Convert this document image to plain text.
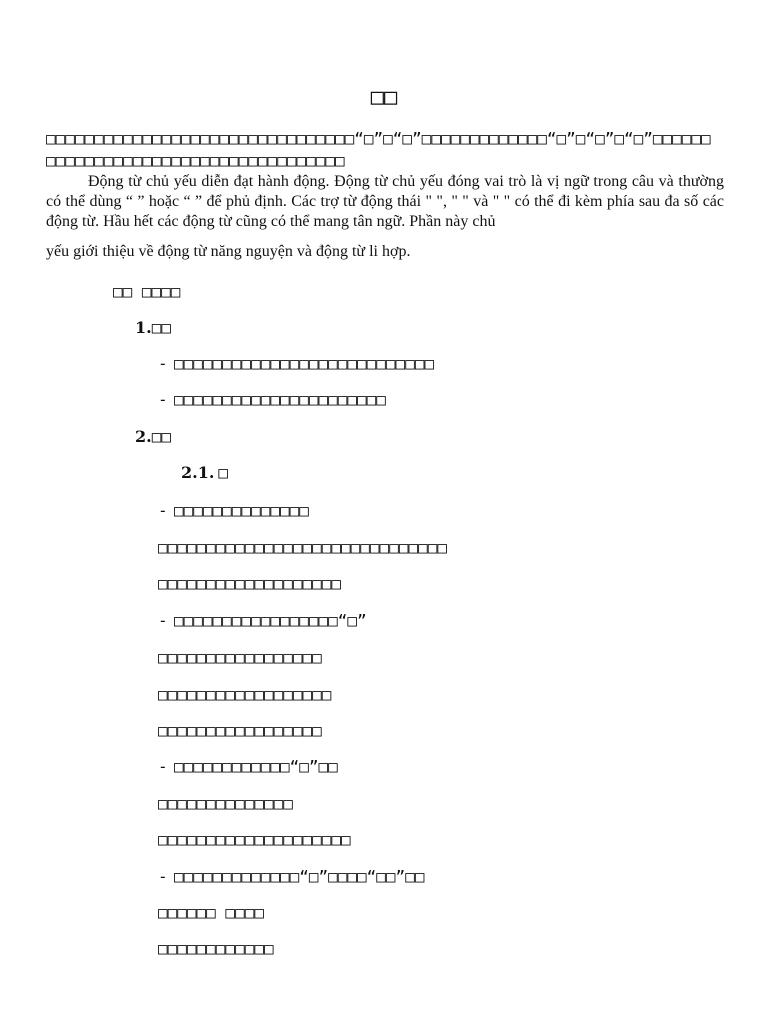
□□
□□□□□□□□□□□□□□□□□□□□□□□□□□□□□□□□“□”□“□”□□□□□□□□□□□□□“□”□“□”□“□”□□□□□□
□□□□□□□□□□□□□□□□□□□□□□□□□□□□□□□
Động từ chủ yếu diễn đạt hành động. Động từ chủ yếu đóng vai trò là vị ngữ trong câu và thường có thể dùng “ ” hoặc “ ” để phủ định. Các trợ từ động thái " ", " " và " " có thể đi kèm phía sau đa số các động từ. Hầu hết các động từ cũng có thể mang tân ngữ. Phần này chủ
yếu giới thiệu về động từ năng nguyện và động từ li hợp.
□□ □□□□
1.□□
- □□□□□□□□□□□□□□□□□□□□□□□□□□□
- □□□□□□□□□□□□□□□□□□□□□□
2.□□
2.1. □
- □□□□□□□□□□□□□□
□□□□□□□□□□□□□□□□□□□□□□□□□□□□□□
□□□□□□□□□□□□□□□□□□□
- □□□□□□□□□□□□□□□□□“□”
□□□□□□□□□□□□□□□□□
□□□□□□□□□□□□□□□□□□
□□□□□□□□□□□□□□□□□
- □□□□□□□□□□□□“□”□□
□□□□□□□□□□□□□□
□□□□□□□□□□□□□□□□□□□□
- □□□□□□□□□□□□□“□”□□□□“□□”□□
□□□□□□ □□□□
□□□□□□□□□□□□
